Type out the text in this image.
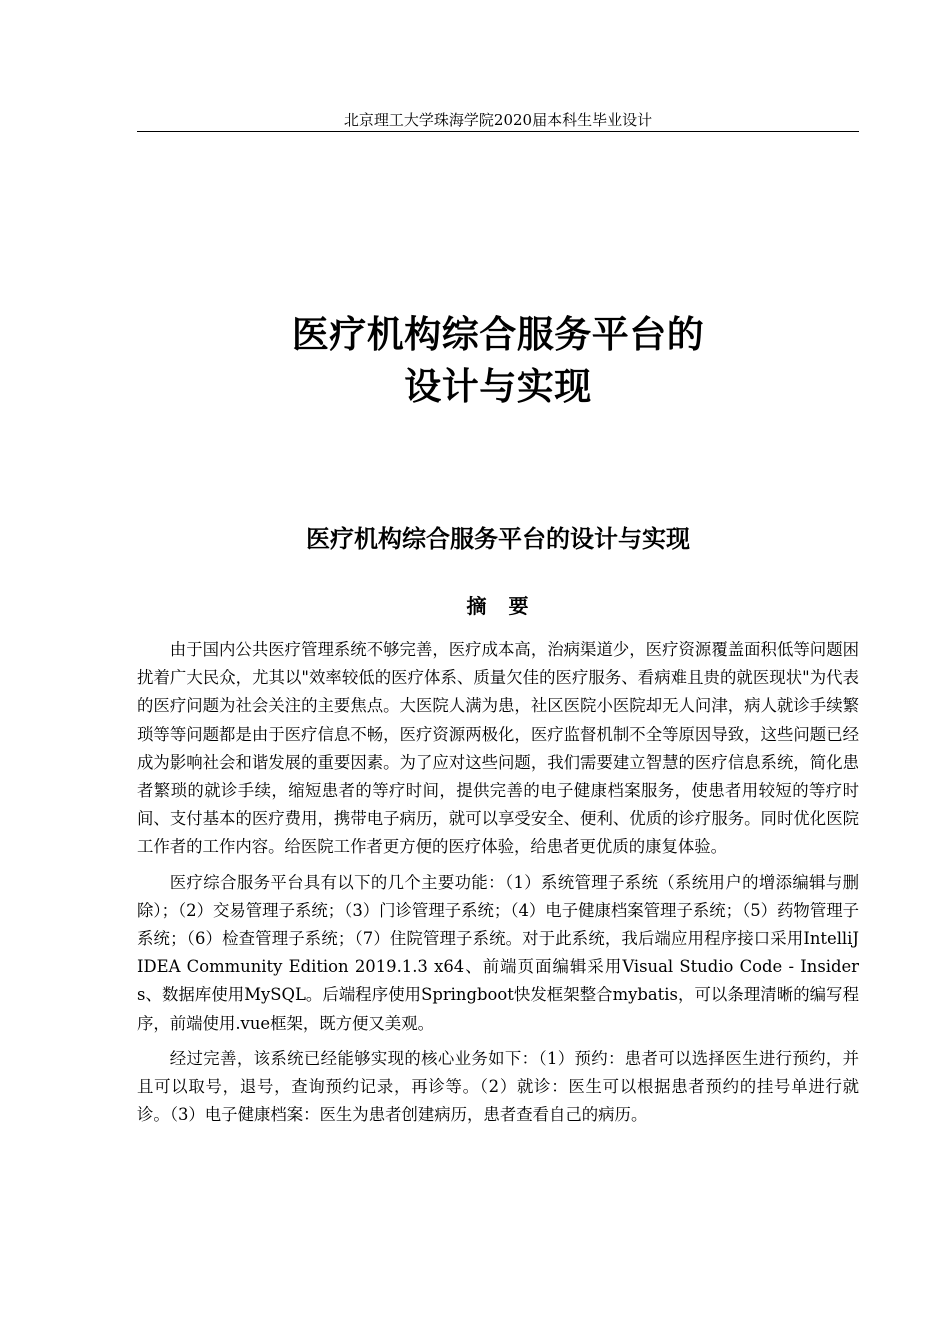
北京理工大学珠海学院2020届本科生毕业设计
医疗机构综合服务平台的
设计与实现
医疗机构综合服务平台的设计与实现
摘　要

由于国内公共医疗管理系统不够完善，医疗成本高，治病渠道少，医疗资源覆盖面积低等问题困扰着广大民众，尤其以"效率较低的医疗体系、质量欠佳的医疗服务、看病难且贵的就医现状"为代表的医疗问题为社会关注的主要焦点。大医院人满为患，社区医院小医院却无人问津，病人就诊手续繁琐等等问题都是由于医疗信息不畅，医疗资源两极化，医疗监督机制不全等原因导致，这些问题已经成为影响社会和谐发展的重要因素。为了应对这些问题，我们需要建立智慧的医疗信息系统，简化患者繁琐的就诊手续，缩短患者的等疗时间，提供完善的电子健康档案服务，使患者用较短的等疗时间、支付基本的医疗费用，携带电子病历，就可以享受安全、便利、优质的诊疗服务。同时优化医院工作者的工作内容。给医院工作者更方便的医疗体验，给患者更优质的康复体验。

医疗综合服务平台具有以下的几个主要功能：（1）系统管理子系统（系统用户的增添编辑与删除）；（2）交易管理子系统；（3）门诊管理子系统；（4）电子健康档案管理子系统；（5）药物管理子系统；（6）检查管理子系统；（7）住院管理子系统。对于此系统，我后端应用程序接口采用IntelliJ IDEA Community Edition 2019.1.3 x64、前端页面编辑采用Visual Studio Code - Insiders、数据库使用MySQL。后端程序使用Springboot快发框架整合mybatis，可以条理清晰的编写程序，前端使用.vue框架，既方便又美观。

经过完善，该系统已经能够实现的核心业务如下：（1）预约：患者可以选择医生进行预约，并且可以取号，退号，查询预约记录，再诊等。（2）就诊：医生可以根据患者预约的挂号单进行就诊。（3）电子健康档案：医生为患者创建病历，患者查看自己的病历。
